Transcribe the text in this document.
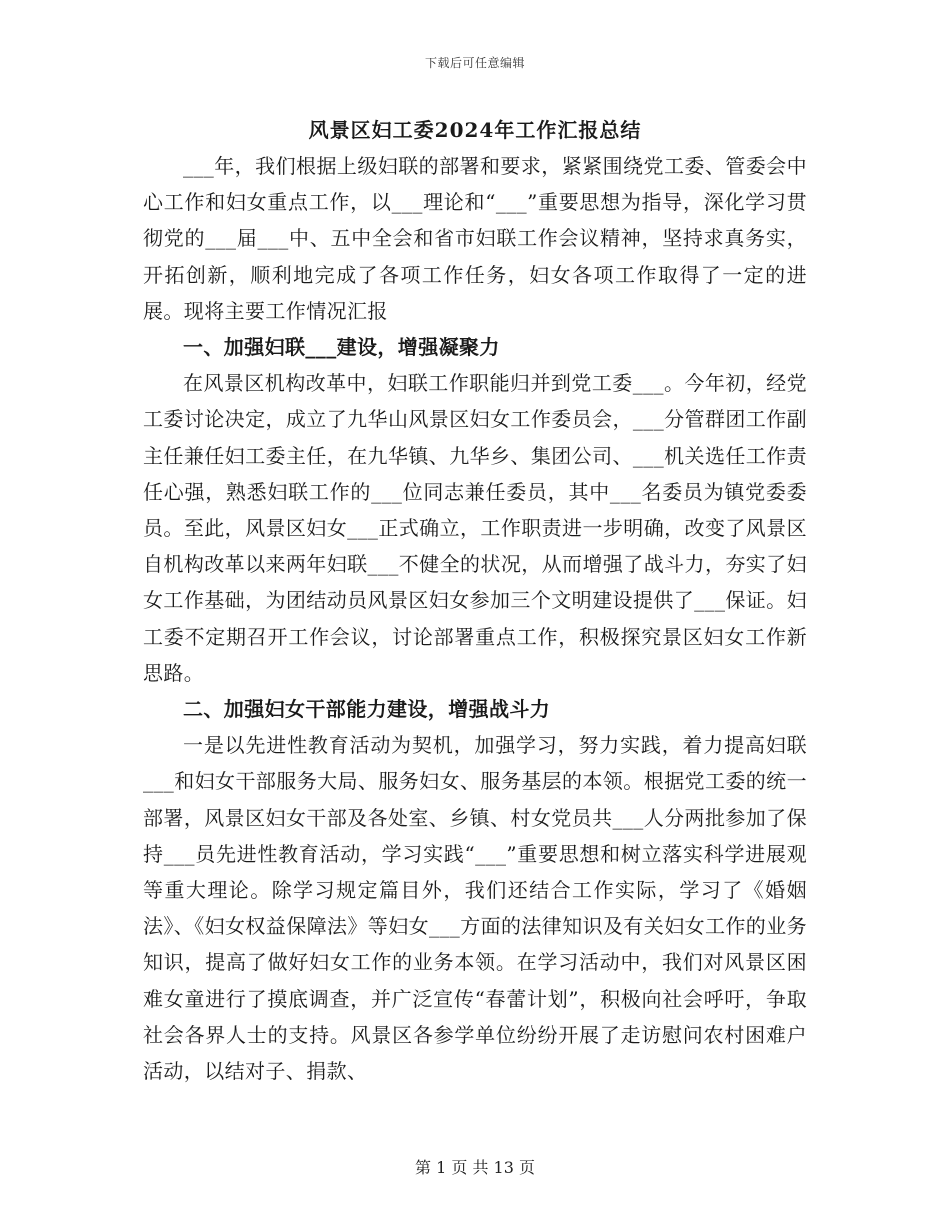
下载后可任意编辑
风景区妇工委2024年工作汇报总结

___年，我们根据上级妇联的部署和要求，紧紧围绕党工委、管委会中心工作和妇女重点工作，以___理论和“___”重要思想为指导，深化学习贯彻党的___届___中、五中全会和省市妇联工作会议精神，坚持求真务实，开拓创新，顺利地完成了各项工作任务，妇女各项工作取得了一定的进展。现将主要工作情况汇报

一、加强妇联___建设，增强凝聚力

在风景区机构改革中，妇联工作职能归并到党工委___。今年初，经党工委讨论决定，成立了九华山风景区妇女工作委员会，___分管群团工作副主任兼任妇工委主任，在九华镇、九华乡、集团公司、___机关选任工作责任心强，熟悉妇联工作的___位同志兼任委员，其中___名委员为镇党委委员。至此，风景区妇女___正式确立，工作职责进一步明确，改变了风景区自机构改革以来两年妇联___不健全的状况，从而增强了战斗力，夯实了妇女工作基础，为团结动员风景区妇女参加三个文明建设提供了___保证。妇工委不定期召开工作会议，讨论部署重点工作，积极探究景区妇女工作新思路。

二、加强妇女干部能力建设，增强战斗力

一是以先进性教育活动为契机，加强学习，努力实践，着力提高妇联___和妇女干部服务大局、服务妇女、服务基层的本领。根据党工委的统一部署，风景区妇女干部及各处室、乡镇、村女党员共___人分两批参加了保持___员先进性教育活动，学习实践“___”重要思想和树立落实科学进展观等重大理论。除学习规定篇目外，我们还结合工作实际，学习了《婚姻法》、《妇女权益保障法》等妇女___方面的法律知识及有关妇女工作的业务知识，提高了做好妇女工作的业务本领。在学习活动中，我们对风景区困难女童进行了摸底调查，并广泛宣传“春蕾计划”，积极向社会呼吁，争取社会各界人士的支持。风景区各参学单位纷纷开展了走访慰问农村困难户活动，以结对子、捐款、

第 1 页 共 13 页
